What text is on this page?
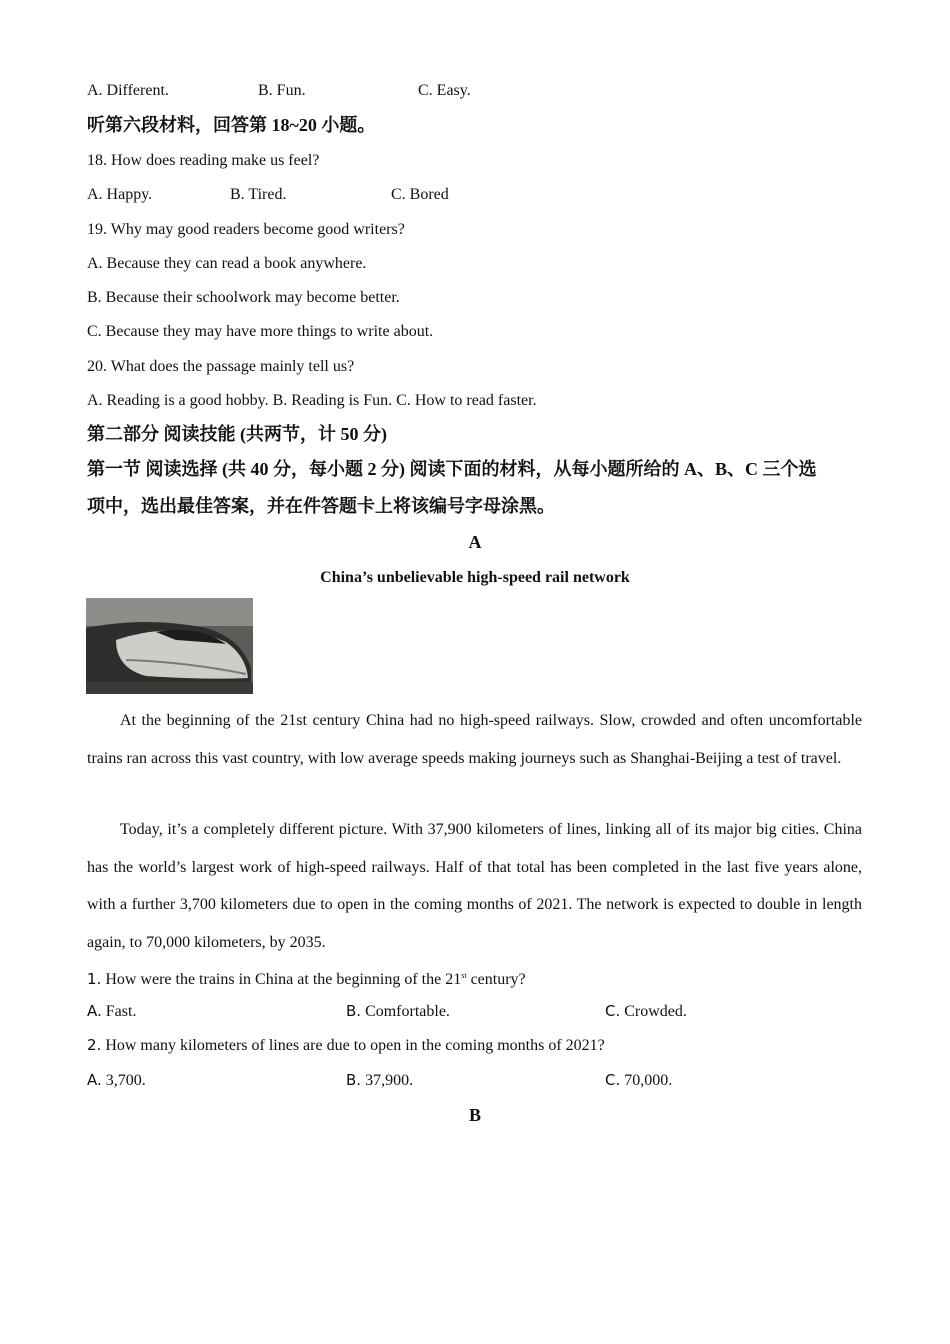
A. Different.	B. Fun.	C. Easy.
听第六段材料，回答第 18~20 小题。
18. How does reading make us feel?
A. Happy.	B. Tired.	C. Bored
19. Why may good readers become good writers?
A. Because they can read a book anywhere.
B. Because their schoolwork may become better.
C. Because they may have more things to write about.
20. What does the passage mainly tell us?
A. Reading is a good hobby. B. Reading is Fun. C. How to read faster.
第二部分 阅读技能 (共两节，计 50 分)
第一节 阅读选择 (共 40 分，每小题 2 分) 阅读下面的材料，从每小题所给的 A、B、C 三个选
项中，选出最佳答案，并在件答题卡上将该编号字母涂黑。
A
China’s unbelievable high-speed rail network
At the beginning of the 21st century China had no high-speed railways. Slow, crowded and often uncomfortable trains ran across this vast country, with low average speeds making journeys such as Shanghai-Beijing a test of travel.
Today, it’s a completely different picture. With 37,900 kilometers of lines, linking all of its major big cities. China has the world’s largest work of high-speed railways. Half of that total has been completed in the last five years alone, with a further 3,700 kilometers due to open in the coming months of 2021. The network is expected to double in length again, to 70,000 kilometers, by 2035.
1. How were the trains in China at the beginning of the 21st century?
A. Fast.	B. Comfortable.	C. Crowded.
2. How many kilometers of lines are due to open in the coming months of 2021?
A. 3,700.	B. 37,900.	C. 70,000.
B
